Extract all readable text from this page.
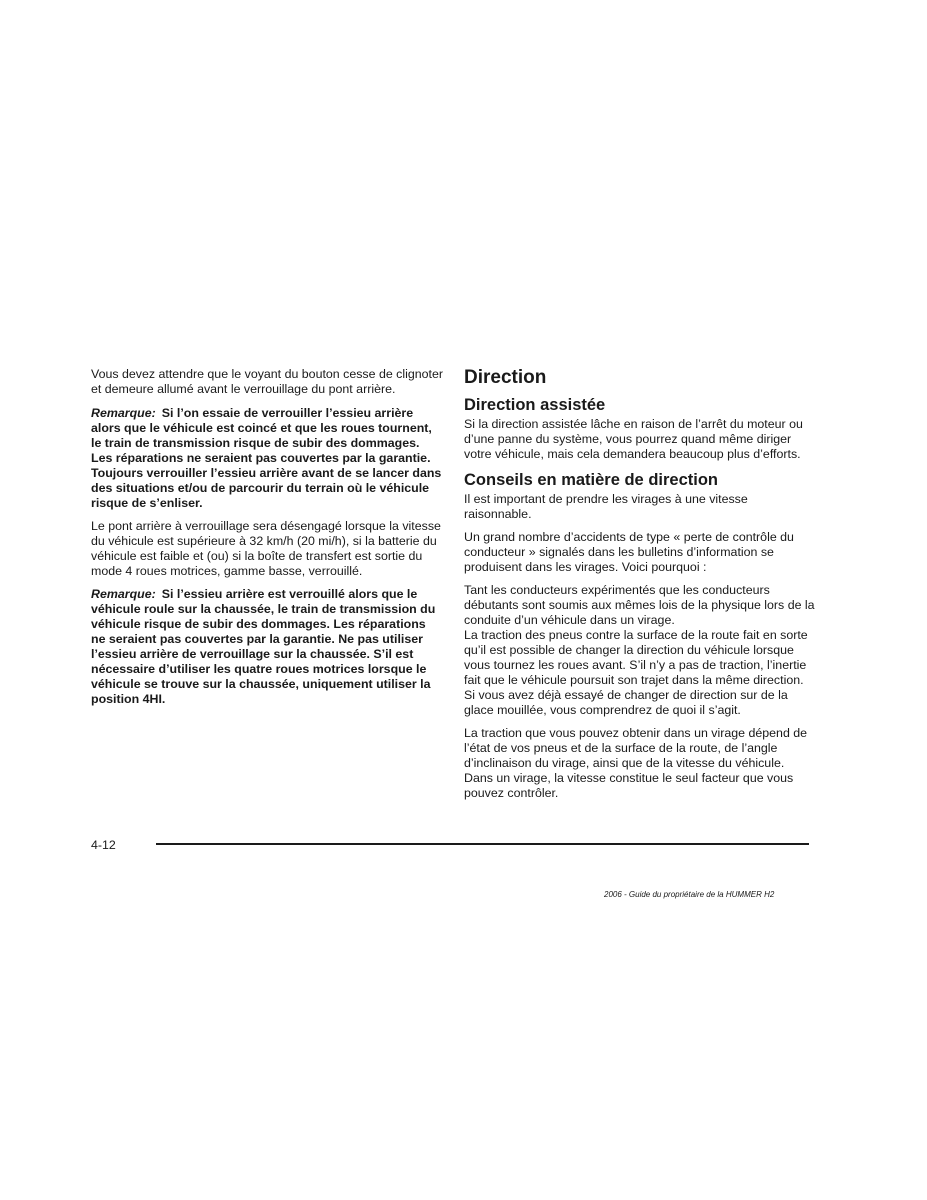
Vous devez attendre que le voyant du bouton cesse de clignoter et demeure allumé avant le verrouillage du pont arrière.

Remarque: Si l’on essaie de verrouiller l’essieu arrière alors que le véhicule est coincé et que les roues tournent, le train de transmission risque de subir des dommages. Les réparations ne seraient pas couvertes par la garantie. Toujours verrouiller l’essieu arrière avant de se lancer dans des situations et/ou de parcourir du terrain où le véhicule risque de s’enliser.

Le pont arrière à verrouillage sera désengagé lorsque la vitesse du véhicule est supérieure à 32 km/h (20 mi/h), si la batterie du véhicule est faible et (ou) si la boîte de transfert est sortie du mode 4 roues motrices, gamme basse, verrouillé.

Remarque: Si l’essieu arrière est verrouillé alors que le véhicule roule sur la chaussée, le train de transmission du véhicule risque de subir des dommages. Les réparations ne seraient pas couvertes par la garantie. Ne pas utiliser l’essieu arrière de verrouillage sur la chaussée. S’il est nécessaire d’utiliser les quatre roues motrices lorsque le véhicule se trouve sur la chaussée, uniquement utiliser la position 4HI.

Direction
Direction assistée

Si la direction assistée lâche en raison de l’arrêt du moteur ou d’une panne du système, vous pourrez quand même diriger votre véhicule, mais cela demandera beaucoup plus d’efforts.

Conseils en matière de direction

Il est important de prendre les virages à une vitesse raisonnable.

Un grand nombre d’accidents de type « perte de contrôle du conducteur » signalés dans les bulletins d’information se produisent dans les virages. Voici pourquoi :

Tant les conducteurs expérimentés que les conducteurs débutants sont soumis aux mêmes lois de la physique lors de la conduite d’un véhicule dans un virage.

La traction des pneus contre la surface de la route fait en sorte qu’il est possible de changer la direction du véhicule lorsque vous tournez les roues avant. S’il n’y a pas de traction, l’inertie fait que le véhicule poursuit son trajet dans la même direction. Si vous avez déjà essayé de changer de direction sur de la glace mouillée, vous comprendrez de quoi il s’agit.

La traction que vous pouvez obtenir dans un virage dépend de l’état de vos pneus et de la surface de la route, de l’angle d’inclinaison du virage, ainsi que de la vitesse du véhicule. Dans un virage, la vitesse constitue le seul facteur que vous pouvez contrôler.

4-12
2006 - Guide du propriétaire de la HUMMER H2
